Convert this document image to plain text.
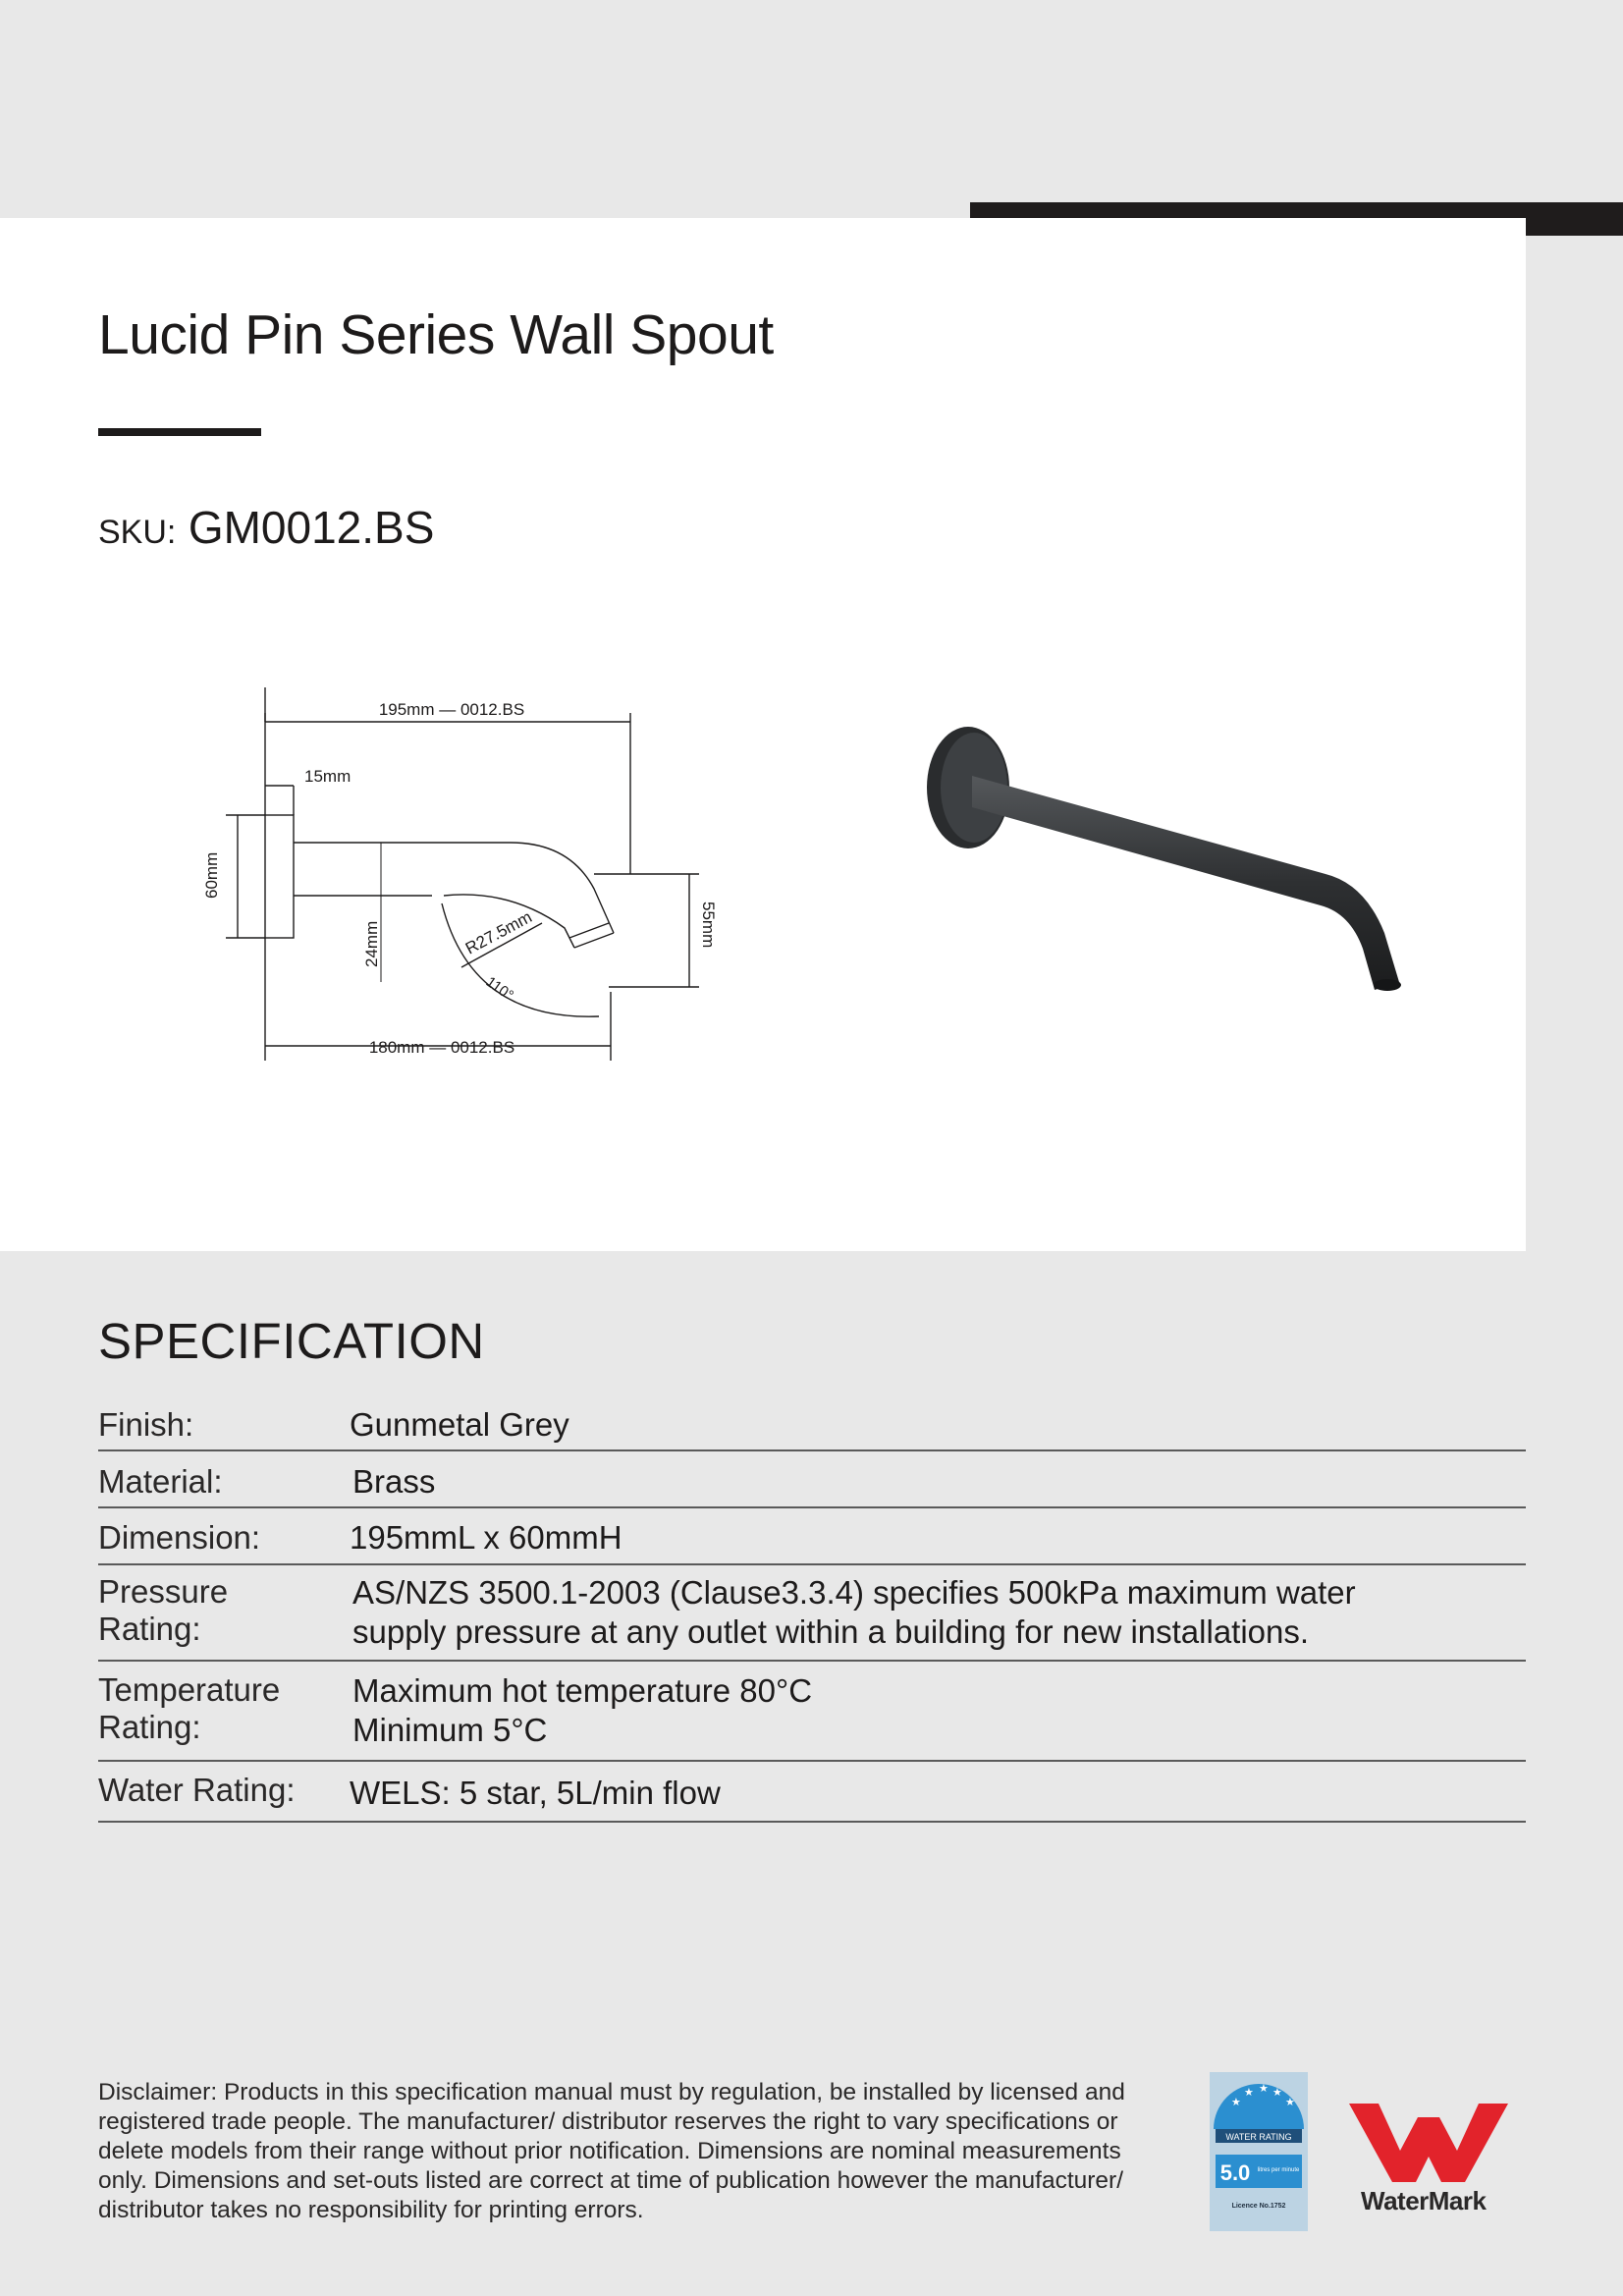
Lucid Pin Series Wall Spout
SKU: GM0012.BS
195mm — 0012.BS
15mm
60mm
24mm	R27.5mm
110°
55mm
180mm — 0012.BS
SPECIFICATION
Finish:	Gunmetal Grey
Material:	Brass
Dimension:	195mmL x 60mmH
Pressure Rating:
AS/NZS 3500.1-2003 (Clause3.3.4) specifies 500kPa maximum water supply pressure at any outlet within a building for new installations.
Temperature Rating:
Maximum hot temperature 80°C
Minimum 5°C
Water Rating: WELS: 5 star, 5L/min flow

Disclaimer: Products in this specification manual must by regulation, be installed by licensed and registered trade people. The manufacturer/ distributor reserves the right to vary specifications or delete models from their range without prior notification. Dimensions are nominal measurements only. Dimensions and set-outs listed are correct at time of publication however the manufacturer/ distributor takes no responsibility for printing errors.

★
★ ★ ★
★
WATER RATING
5.0 litres per minute
Licence No.1752	WaterMark
